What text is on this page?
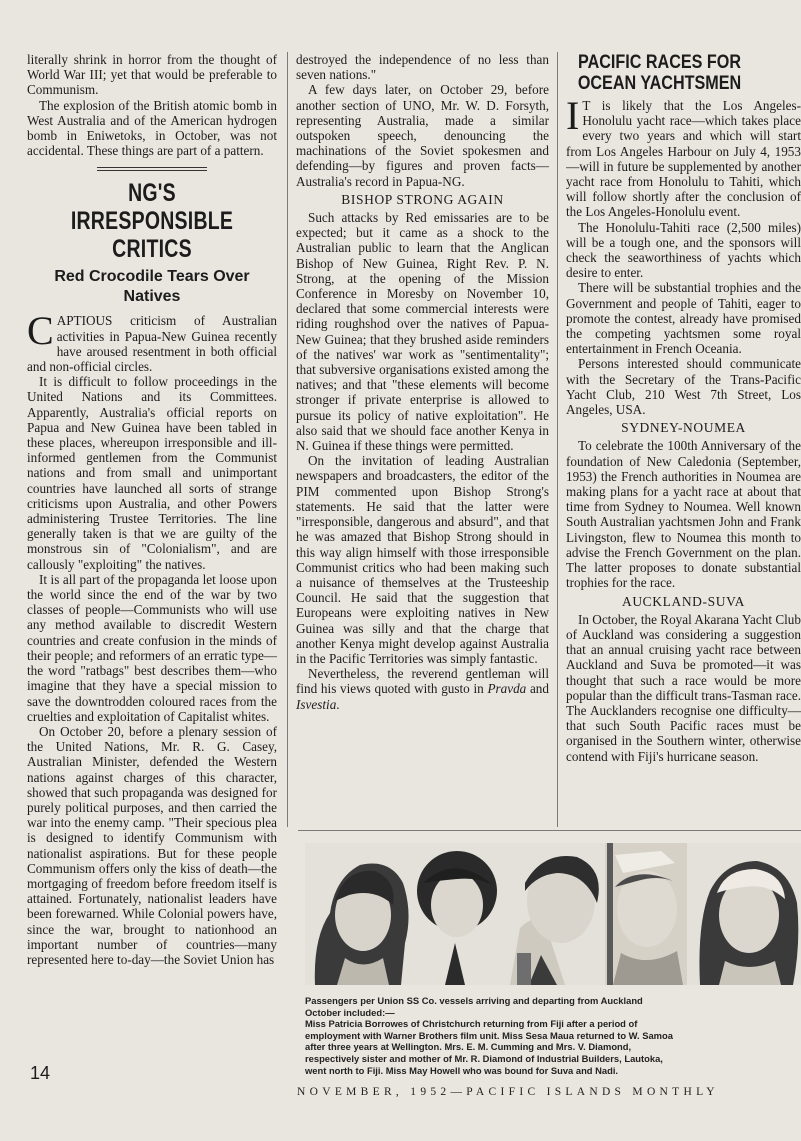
literally shrink in horror from the thought of World War III; yet that would be preferable to Communism.

The explosion of the British atomic bomb in West Australia and of the American hydrogen bomb in Eniwetoks, in October, was not accidental. These things are part of a pattern.

NG'S IRRESPONSIBLE
CRITICS
Red Crocodile Tears Over
Natives

CAPTIOUS criticism of Australian activities in Papua-New Guinea recently have aroused resentment in both official and non-official circles.

It is difficult to follow proceedings in the United Nations and its Committees. Apparently, Australia's official reports on Papua and New Guinea have been tabled in these places, whereupon irresponsible and ill-informed gentlemen from the Communist nations and from small and unimportant countries have launched all sorts of strange criticisms upon Australia, and other Powers administering Trustee Territories. The line generally taken is that we are guilty of the monstrous sin of "Colonialism", and are callously "exploiting" the natives.

It is all part of the propaganda let loose upon the world since the end of the war by two classes of people—Communists who will use any method available to discredit Western countries and create confusion in the minds of their people; and reformers of an erratic type—the word "ratbags" best describes them—who imagine that they have a special mission to save the downtrodden coloured races from the cruelties and exploitation of Capitalist whites.

On October 20, before a plenary session of the United Nations, Mr. R. G. Casey, Australian Minister, defended the Western nations against charges of this character, showed that such propaganda was designed for purely political purposes, and then carried the war into the enemy camp. "Their specious plea is designed to identify Communism with nationalist aspirations. But for these people Communism offers only the kiss of death—the mortgaging of freedom before freedom itself is attained. Fortunately, nationalist leaders have been forewarned. While Colonial powers have, since the war, brought to nationhood an important number of countries—many represented here to-day—the Soviet Union has

destroyed the independence of no less than seven nations."

A few days later, on October 29, before another section of UNO, Mr. W. D. Forsyth, representing Australia, made a similar outspoken speech, denouncing the machinations of the Soviet spokesmen and defending—by figures and proven facts—Australia's record in Papua-NG.

BISHOP STRONG AGAIN

Such attacks by Red emissaries are to be expected; but it came as a shock to the Australian public to learn that the Anglican Bishop of New Guinea, Right Rev. P. N. Strong, at the opening of the Mission Conference in Moresby on November 10, declared that some commercial interests were riding roughshod over the natives of Papua-New Guinea; that they brushed aside reminders of the natives' war work as "sentimentality"; that subversive organisations existed among the natives; and that "these elements will become stronger if private enterprise is allowed to pursue its policy of native exploitation". He also said that we should face another Kenya in N. Guinea if these things were permitted.

On the invitation of leading Australian newspapers and broadcasters, the editor of the PIM commented upon Bishop Strong's statements. He said that the latter were "irresponsible, dangerous and absurd", and that he was amazed that Bishop Strong should in this way align himself with those irresponsible Communist critics who had been making such a nuisance of themselves at the Trusteeship Council. He said that the suggestion that Europeans were exploiting natives in New Guinea was silly and that the charge that another Kenya might develop against Australia in the Pacific Territories was simply fantastic.

Nevertheless, the reverend gentleman will find his views quoted with gusto in Pravda and Isvestia.

PACIFIC RACES FOR
OCEAN YACHTSMEN

I T is likely that the Los Angeles-Honolulu yacht race—which takes place every two years and which will start from Los Angeles Harbour on July 4, 1953—will in future be supplemented by another yacht race from Honolulu to Tahiti, which will follow shortly after the conclusion of the Los Angeles-Honolulu event.

The Honolulu-Tahiti race (2,500 miles) will be a tough one, and the sponsors will check the seaworthiness of yachts which desire to enter.

There will be substantial trophies and the Government and people of Tahiti, eager to promote the contest, already have promised the competing yachtsmen some royal entertainment in French Oceania.

Persons interested should communicate with the Secretary of the Trans-Pacific Yacht Club, 210 West 7th Street, Los Angeles, USA.

SYDNEY-NOUMEA

To celebrate the 100th Anniversary of the foundation of New Caledonia (September, 1953) the French authorities in Noumea are making plans for a yacht race at about that time from Sydney to Noumea. Well known South Australian yachtsmen John and Frank Livingston, flew to Noumea this month to advise the French Government on the plan. The latter proposes to donate substantial trophies for the race.

AUCKLAND-SUVA

In October, the Royal Akarana Yacht Club of Auckland was considering a suggestion that an annual cruising yacht race between Auckland and Suva be promoted—it was thought that such a race would be more popular than the difficult trans-Tasman race. The Aucklanders recognise one difficulty—that such South Pacific races must be organised in the Southern winter, otherwise contend with Fiji's hurricane season.

Passengers per Union SS Co. vessels arriving and departing from Auckland
October included:—
Miss Patricia Borrowes of Christchurch returning from Fiji after a period of
employment with Warner Brothers film unit. Miss Sesa Maua returned to W. Samoa
after three years at Wellington. Mrs. E. M. Cumming and Mrs. V. Diamond,
respectively sister and mother of Mr. R. Diamond of Industrial Builders, Lautoka,
went north to Fiji. Miss May Howell who was bound for Suva and Nadi.
14
NOVEMBER, 1952—PACIFIC ISLANDS MONTHLY
